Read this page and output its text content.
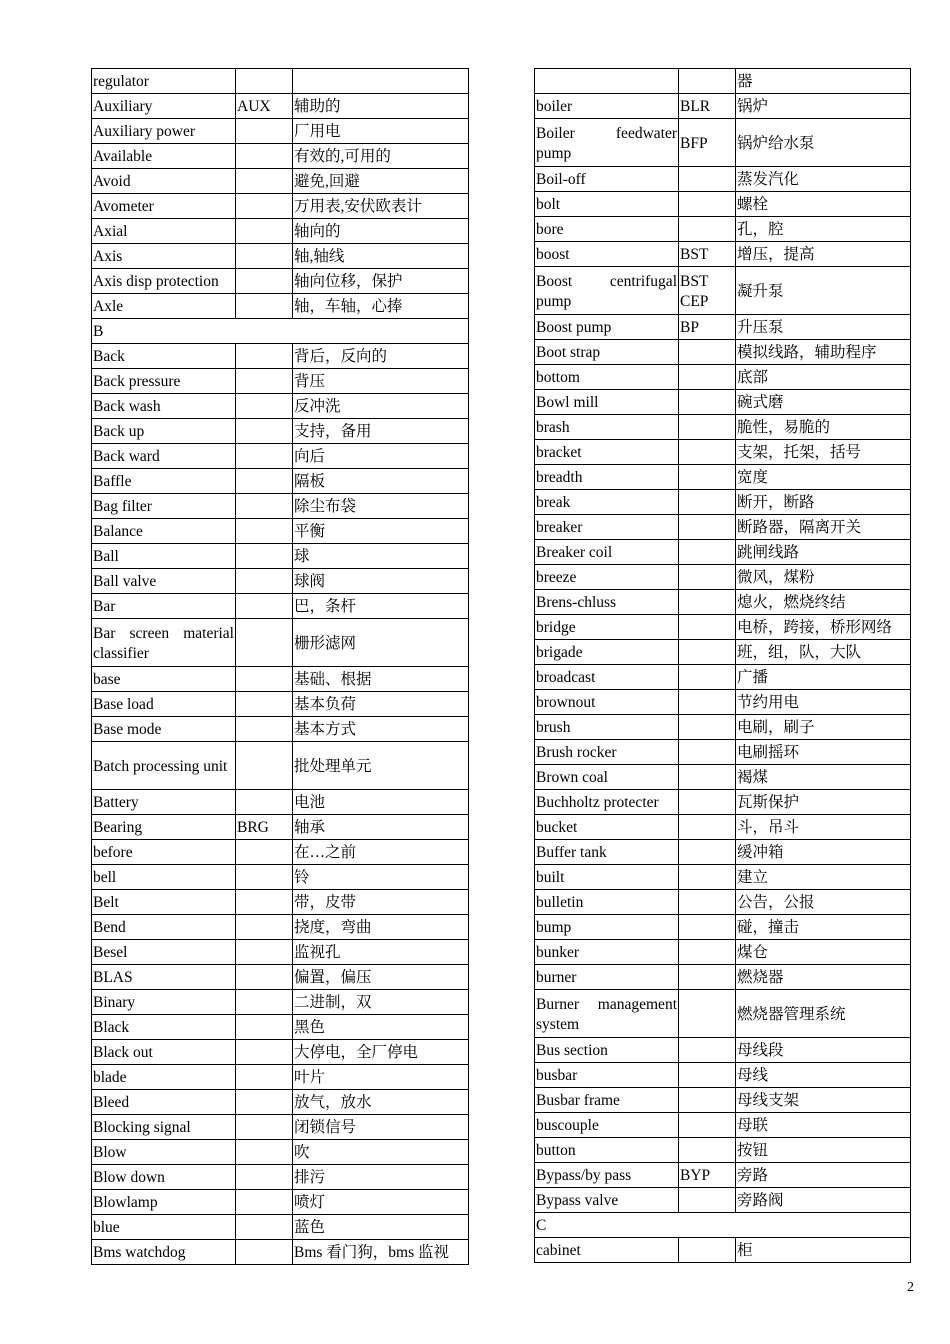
regulator		
Auxiliary	AUX	辅助的
Auxiliary power		厂用电
Available		有效的,可用的
Avoid		避免,回避
Avometer		万用表,安伏欧表计
Axial		轴向的
Axis		轴,轴线
Axis disp protection		轴向位移，保护
Axle		轴，车轴，心捧
B		
Back		背后，反向的
Back pressure		背压
Back wash		反冲洗
Back up		支持，备用
Back ward		向后
Baffle		隔板
Bag filter		除尘布袋
Balance		平衡
Ball		球
Ball valve		球阀
Bar		巴，条杆
Bar screen material classifier		栅形滤网
base		基础、根据
Base load		基本负荷
Base mode		基本方式
Batch processing unit		批处理单元
Battery		电池
Bearing	BRG	轴承
before		在…之前
bell		铃
Belt		带，皮带
Bend		挠度，弯曲
Besel		监视孔
BLAS		偏置，偏压
Binary		二进制，双
Black		黑色
Black out		大停电，全厂停电
blade		叶片
Bleed		放气，放水
Blocking signal		闭锁信号
Blow		吹
Blow down		排污
Blowlamp		喷灯
blue		蓝色
Bms watchdog		Bms 看门狗，bms 监视
		器
boiler	BLR	锅炉
Boiler feedwater pump	BFP	锅炉给水泵
Boil-off		蒸发汽化
bolt		螺栓
bore		孔，腔
boost	BST	增压，提高
Boost centrifugal pump	BST CEP	凝升泵
Boost pump	BP	升压泵
Boot strap		模拟线路，辅助程序
bottom		底部
Bowl mill		碗式磨
brash		脆性，易脆的
bracket		支架，托架，括号
breadth		宽度
break		断开，断路
breaker		断路器，隔离开关
Breaker coil		跳闸线路
breeze		微风，煤粉
Brens-chluss		熄火，燃烧终结
bridge		电桥，跨接，桥形网络
brigade		班，组，队，大队
broadcast		广播
brownout		节约用电
brush		电刷，刷子
Brush rocker		电刷摇环
Brown coal		褐煤
Buchholtz protecter		瓦斯保护
bucket		斗，吊斗
Buffer tank		缓冲箱
built		建立
bulletin		公告，公报
bump		碰，撞击
bunker		煤仓
burner		燃烧器
Burner management system		燃烧器管理系统
Bus section		母线段
busbar		母线
Busbar frame		母线支架
buscouple		母联
button		按钮
Bypass/by pass	BYP	旁路
Bypass valve		旁路阀
C		
cabinet		柜
2
